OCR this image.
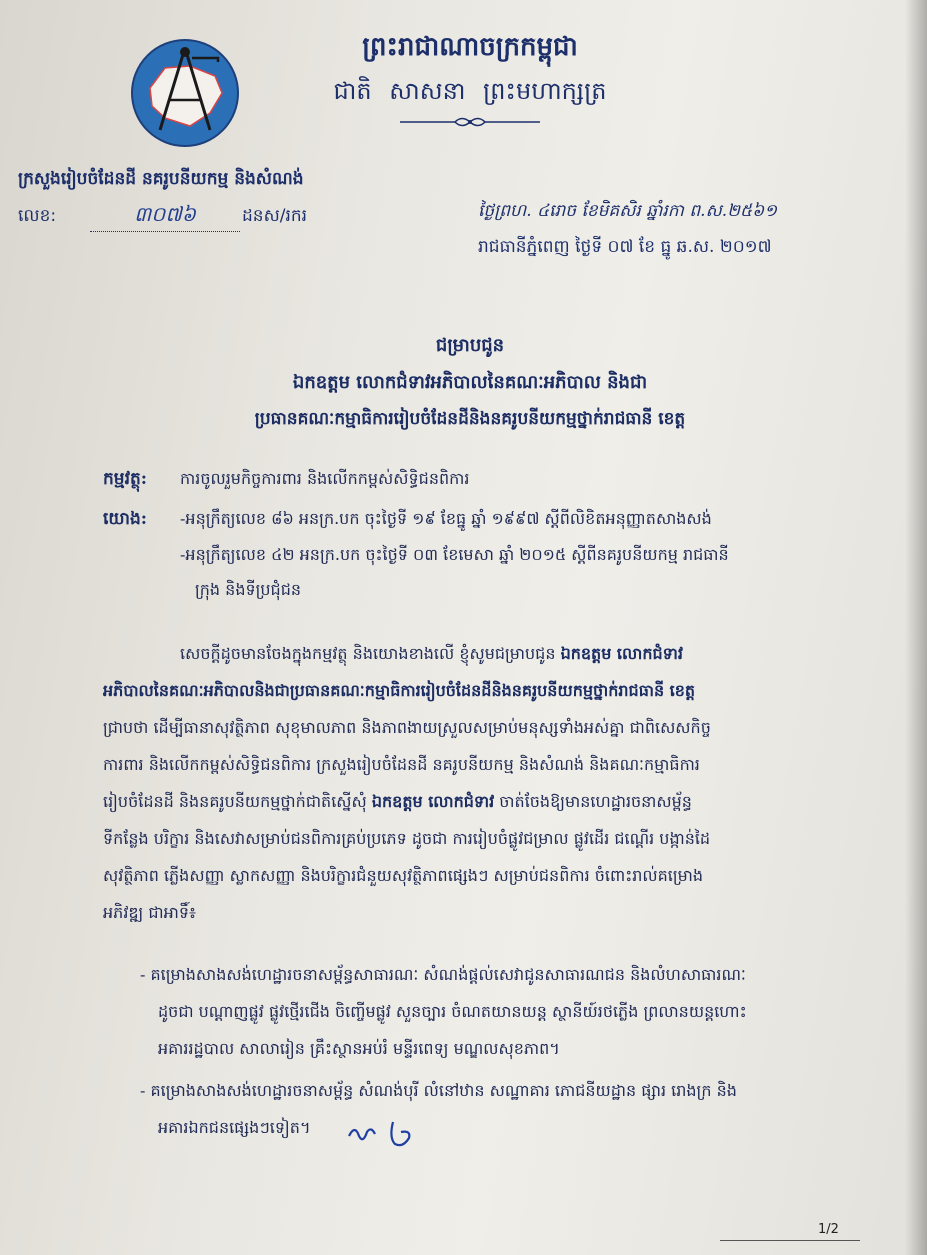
ព្រះរាជាណាចក្រកម្ពុជា
ជាតិ សាសនា ព្រះមហាក្សត្រ
ក្រសួងរៀបចំដែនដី នគរូបនីយកម្ម និងសំណង់
លេខ:	៣០៧៦	ដនស/រករ	ថ្ងៃ​ព្រហ. ៤​រោច ខែ​មិគសិរ ឆ្នាំរកា ព.ស.២៥៦១
រាជធានីភ្នំពេញ ថ្ងៃទី ០៧ ខែ ធ្នូ ឆ.ស. ២០១៧
ជម្រាបជូន
ឯកឧត្តម លោកជំទាវអភិបាលនៃគណៈអភិបាល និងជា
ប្រធានគណៈកម្មាធិការរៀបចំដែនដីនិងនគរូបនីយកម្មថ្នាក់រាជធានី ខេត្ត
កម្មវត្ថុ: ការចូលរួមកិច្ចការពារ និងលើកកម្ពស់សិទ្ធិជនពិការ
យោង: -អនុក្រឹត្យលេខ ៨៦ អនក្រ.បក ចុះថ្ងៃទី ១៩ ខែធ្នូ ឆ្នាំ ១៩៩៧ ស្ដីពីលិខិតអនុញ្ញាតសាងសង់
-អនុក្រឹត្យលេខ ៤២ អនក្រ.បក ចុះថ្ងៃទី ០៣ ខែមេសា ឆ្នាំ ២០១៥ ស្ដីពីនគរូបនីយកម្ម រាជធានី
ក្រុង និងទីប្រជុំជន
សេចក្ដីដូចមានចែងក្នុងកម្មវត្ថុ និងយោងខាងលើ ខ្ញុំសូមជម្រាបជូន ឯកឧត្តម លោកជំទាវ
អភិបាលនៃគណៈអភិបាលនិងជាប្រធានគណៈកម្មាធិការរៀបចំដែនដីនិងនគរូបនីយកម្មថ្នាក់រាជធានី ខេត្ត
ជ្រាបថា ដើម្បីធានាសុវត្ថិភាព សុខុមាលភាព និងភាពងាយស្រួលសម្រាប់មនុស្សទាំងអស់គ្នា ជាពិសេសកិច្ច
ការពារ និងលើកកម្ពស់សិទ្ធិជនពិការ ក្រសួងរៀបចំដែនដី នគរូបនីយកម្ម និងសំណង់ និងគណៈកម្មាធិការ
រៀបចំដែនដី និងនគរូបនីយកម្មថ្នាក់ជាតិស្នើសុំ ឯកឧត្តម លោកជំទាវ ចាត់ចែងឱ្យមានហេដ្ឋារចនាសម្ព័ន្ធ
ទីកន្លែង បរិក្ខារ និងសេវាសម្រាប់ជនពិការគ្រប់ប្រភេទ ដូចជា ការរៀបចំផ្លូវជម្រាល ផ្លូវដើរ ជណ្ដើរ បង្កាន់ដៃ
សុវត្ថិភាព ភ្លើងសញ្ញា ស្លាកសញ្ញា និងបរិក្ខារជំនួយសុវត្ថិភាពផ្សេងៗ សម្រាប់ជនពិការ ចំពោះរាល់គម្រោង
អភិវឌ្ឍ ជាអាទិ៍៖
- គម្រោងសាងសង់ហេដ្ឋារចនាសម្ព័ន្ធសាធារណៈ សំណង់ផ្ដល់សេវាជូនសាធារណជន និងលំហសាធារណៈ
ដូចជា បណ្ដាញផ្លូវ ផ្លូវថ្មើរជើង ចិញ្ចើមផ្លូវ សួនច្បារ ចំណតយានយន្ត ស្ថានីយ៍រថភ្លើង ព្រលានយន្តហោះ
អគាររដ្ឋបាល សាលារៀន គ្រឹះស្ថានអប់រំ មន្ទីរពេទ្យ មណ្ឌលសុខភាព។
- គម្រោងសាងសង់ហេដ្ឋារចនាសម្ព័ន្ធ សំណង់បុរី លំនៅឋាន សណ្ឋាគារ ភោជនីយដ្ឋាន ផ្សារ រោងក្រ និង
អគារឯកជនផ្សេងៗទៀត។
1/2
